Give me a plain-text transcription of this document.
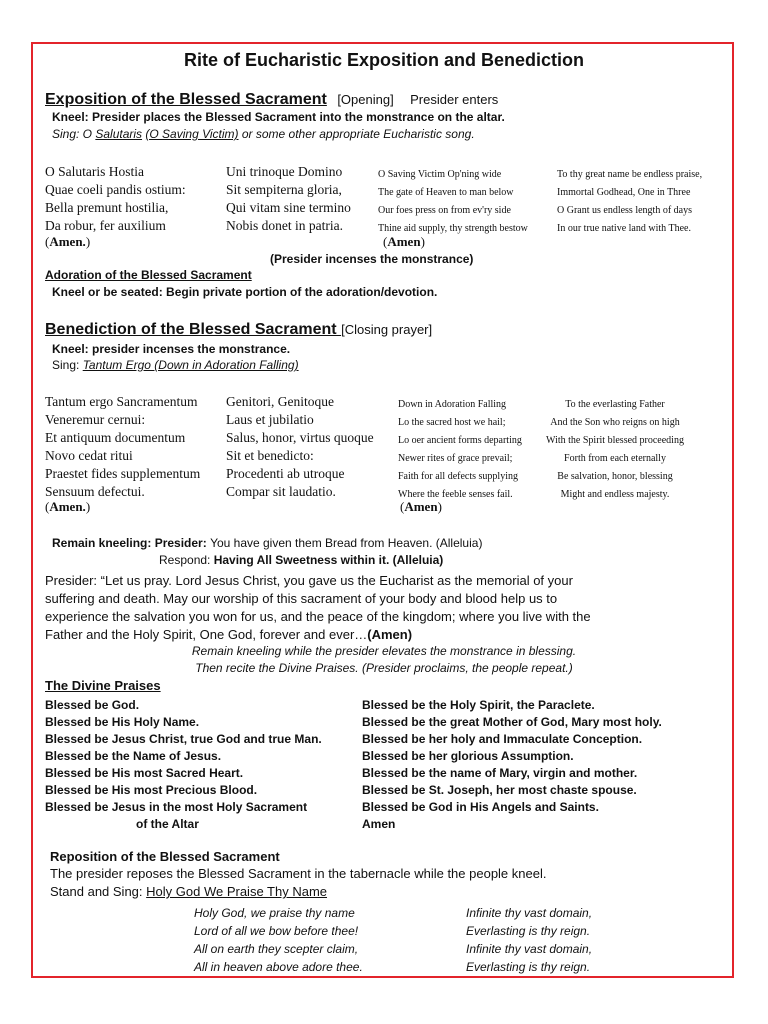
Rite of Eucharistic Exposition and Benediction
Exposition of the Blessed Sacrament [Opening] Presider enters
Kneel: Presider places the Blessed Sacrament into the monstrance on the altar.
Sing: O Salutaris (O Saving Victim) or some other appropriate Eucharistic song.
O Salutaris Hostia
Quae coeli pandis ostium:
Bella premunt hostilia,
Da robur, fer auxilium
Uni trinoque Domino
Sit sempiterna gloria,
Qui vitam sine termino
Nobis donet in patria.
O Saving Victim Op'ning wide
The gate of Heaven to man below
Our foes press on from ev'ry side
Thine aid supply, thy strength bestow
To thy great name be endless praise,
Immortal Godhead, One in Three
O Grant us endless length of days
In our true native land with Thee.
(Amen.)	(Amen)
(Presider incenses the monstrance)
Adoration of the Blessed Sacrament
Kneel or be seated: Begin private portion of the adoration/devotion.
Benediction of the Blessed Sacrament [Closing prayer]
Kneel: presider incenses the monstrance.
Sing: Tantum Ergo (Down in Adoration Falling)
Tantum ergo Sancramentum
Veneremur cernui:
Et antiquum documentum
Novo cedat ritui
Praestet fides supplementum
Sensuum defectui.
Genitori, Genitoque
Laus et jubilatio
Salus, honor, virtus quoque
Sit et benedicto:
Procedenti ab utroque
Compar sit laudatio.
Down in Adoration Falling
Lo the sacred host we hail;
Lo oer ancient forms departing
Newer rites of grace prevail;
Faith for all defects supplying
Where the feeble senses fail.
To the everlasting Father
And the Son who reigns on high
With the Spirit blessed proceeding
Forth from each eternally
Be salvation, honor, blessing
Might and endless majesty.
(Amen.)	(Amen)
Remain kneeling: Presider: You have given them Bread from Heaven. (Alleluia)
Respond: Having All Sweetness within it. (Alleluia)
Presider: “Let us pray. Lord Jesus Christ, you gave us the Eucharist as the memorial of your
suffering and death. May our worship of this sacrament of your body and blood help us to
experience the salvation you won for us, and the peace of the kingdom; where you live with the
Father and the Holy Spirit, One God, forever and ever…(Amen)
Remain kneeling while the presider elevates the monstrance in blessing.
Then recite the Divine Praises. (Presider proclaims, the people repeat.)
The Divine Praises
Blessed be God.
Blessed be His Holy Name.
Blessed be Jesus Christ, true God and true Man.
Blessed be the Name of Jesus.
Blessed be His most Sacred Heart.
Blessed be His most Precious Blood.
Blessed be Jesus in the most Holy Sacrament
of the Altar
Blessed be the Holy Spirit, the Paraclete.
Blessed be the great Mother of God, Mary most holy.
Blessed be her holy and Immaculate Conception.
Blessed be her glorious Assumption.
Blessed be the name of Mary, virgin and mother.
Blessed be St. Joseph, her most chaste spouse.
Blessed be God in His Angels and Saints.
Amen
Reposition of the Blessed Sacrament
The presider reposes the Blessed Sacrament in the tabernacle while the people kneel.
Stand and Sing: Holy God We Praise Thy Name
Holy God, we praise thy name
Lord of all we bow before thee!
All on earth they scepter claim,
All in heaven above adore thee.
Infinite thy vast domain,
Everlasting is thy reign.
Infinite thy vast domain,
Everlasting is thy reign.
